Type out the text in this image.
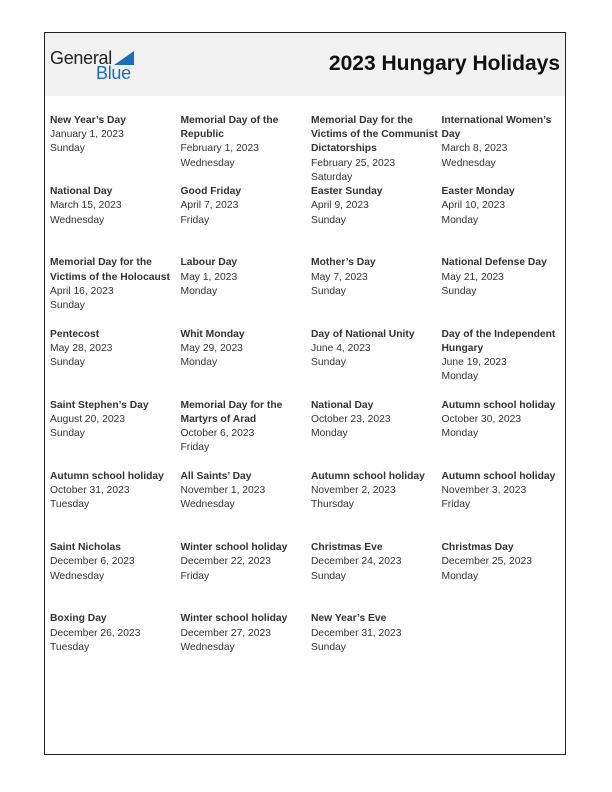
General
Blue	2023 Hungary Holidays
New Year’s Day
January 1, 2023
Sunday
Memorial Day of the Republic
February 1, 2023
Wednesday
Memorial Day for the Victims of the Communist Dictatorships
February 25, 2023
Saturday
International Women’s Day
March 8, 2023
Wednesday
National Day
March 15, 2023
Wednesday
Good Friday
April 7, 2023
Friday
Easter Sunday
April 9, 2023
Sunday
Easter Monday
April 10, 2023
Monday
Memorial Day for the Victims of the Holocaust
April 16, 2023
Sunday
Labour Day
May 1, 2023
Monday
Mother’s Day
May 7, 2023
Sunday
National Defense Day
May 21, 2023
Sunday
Pentecost
May 28, 2023
Sunday
Whit Monday
May 29, 2023
Monday
Day of National Unity
June 4, 2023
Sunday
Day of the Independent Hungary
June 19, 2023
Monday
Saint Stephen’s Day
August 20, 2023
Sunday
Memorial Day for the Martyrs of Arad
October 6, 2023
Friday
National Day
October 23, 2023
Monday
Autumn school holiday
October 30, 2023
Monday
Autumn school holiday
October 31, 2023
Tuesday
All Saints’ Day
November 1, 2023
Wednesday
Autumn school holiday
November 2, 2023
Thursday
Autumn school holiday
November 3, 2023
Friday
Saint Nicholas
December 6, 2023
Wednesday
Winter school holiday
December 22, 2023
Friday
Christmas Eve
December 24, 2023
Sunday
Christmas Day
December 25, 2023
Monday
Boxing Day
December 26, 2023
Tuesday
Winter school holiday
December 27, 2023
Wednesday
New Year’s Eve
December 31, 2023
Sunday
